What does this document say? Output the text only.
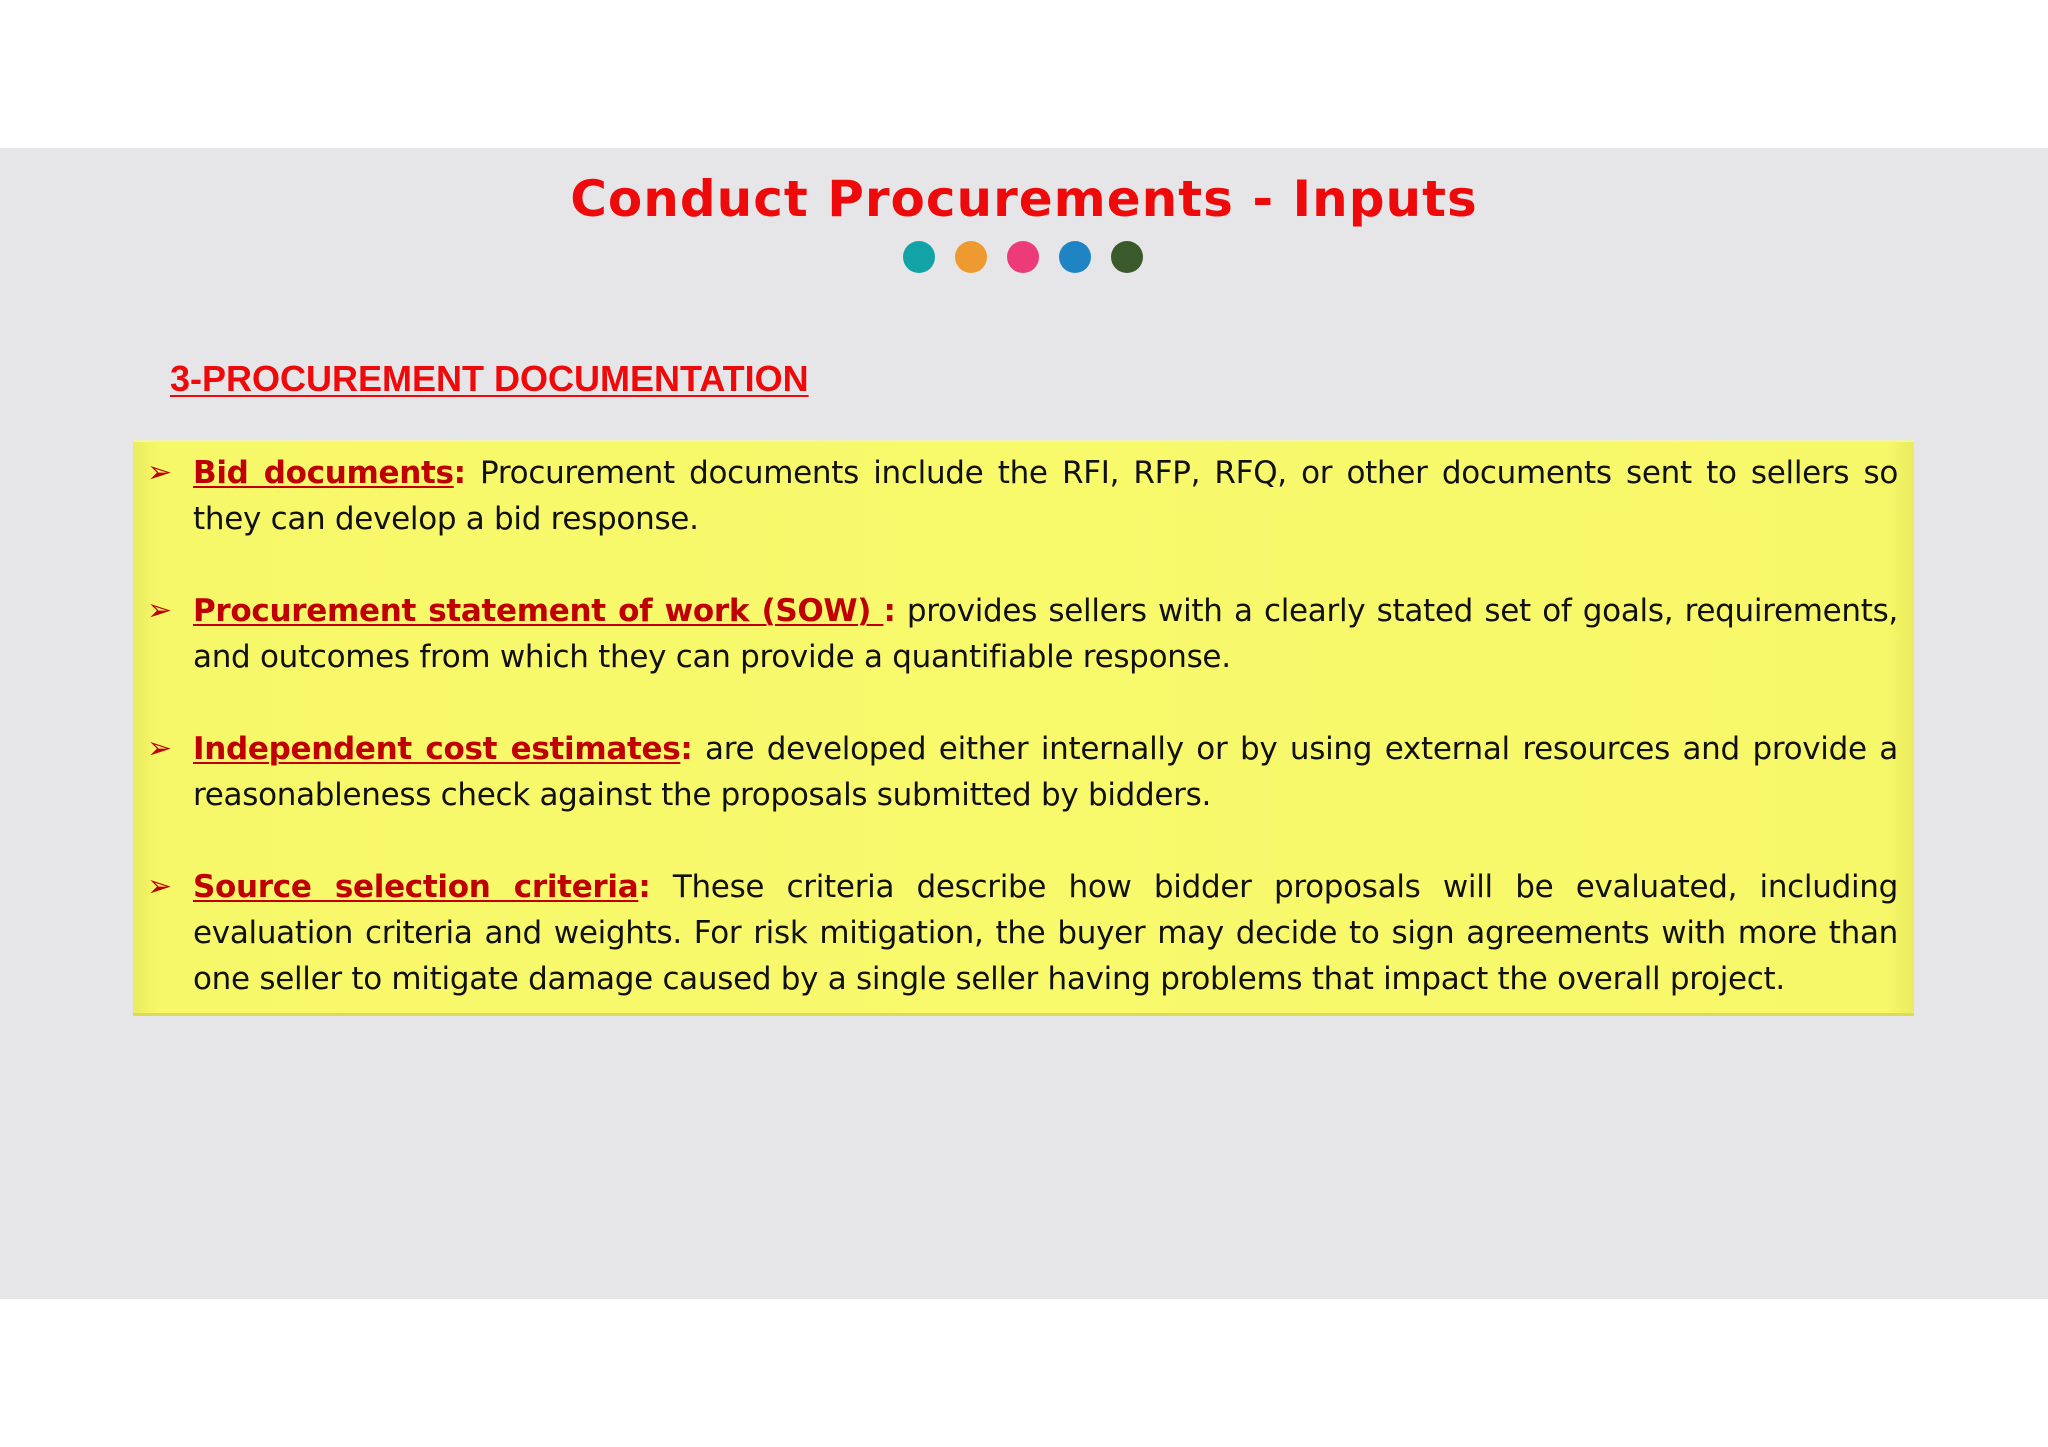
Conduct Procurements - Inputs
3-PROCUREMENT DOCUMENTATION
➢ Bid documents: Procurement documents include the RFI, RFP, RFQ, or other documents sent to sellers so they can develop a bid response.
➢ Procurement statement of work (SOW) : provides sellers with a clearly stated set of goals, requirements, and outcomes from which they can provide a quantifiable response.
➢ Independent cost estimates: are developed either internally or by using external resources and provide a reasonableness check against the proposals submitted by bidders.
➢ Source selection criteria: These criteria describe how bidder proposals will be evaluated, including evaluation criteria and weights. For risk mitigation, the buyer may decide to sign agreements with more than one seller to mitigate damage caused by a single seller having problems that impact the overall project.
